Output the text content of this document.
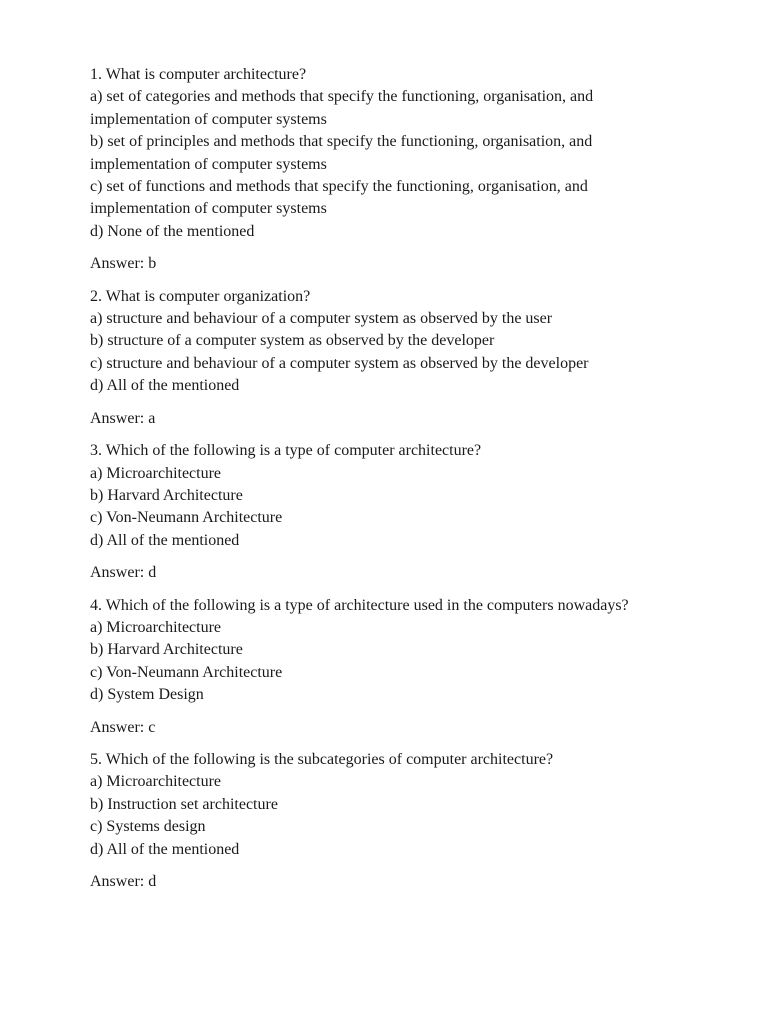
1. What is computer architecture?

a) set of categories and methods that specify the functioning, organisation, and implementation of computer systems

b) set of principles and methods that specify the functioning, organisation, and implementation of computer systems

c) set of functions and methods that specify the functioning, organisation, and implementation of computer systems

d) None of the mentioned

Answer: b

2. What is computer organization?

a) structure and behaviour of a computer system as observed by the user

b) structure of a computer system as observed by the developer

c) structure and behaviour of a computer system as observed by the developer

d) All of the mentioned

Answer: a

3. Which of the following is a type of computer architecture?

a) Microarchitecture

b) Harvard Architecture

c) Von-Neumann Architecture

d) All of the mentioned

Answer: d

4. Which of the following is a type of architecture used in the computers nowadays?

a) Microarchitecture

b) Harvard Architecture

c) Von-Neumann Architecture

d) System Design

Answer: c

5. Which of the following is the subcategories of computer architecture?

a) Microarchitecture

b) Instruction set architecture

c) Systems design

d) All of the mentioned

Answer: d
